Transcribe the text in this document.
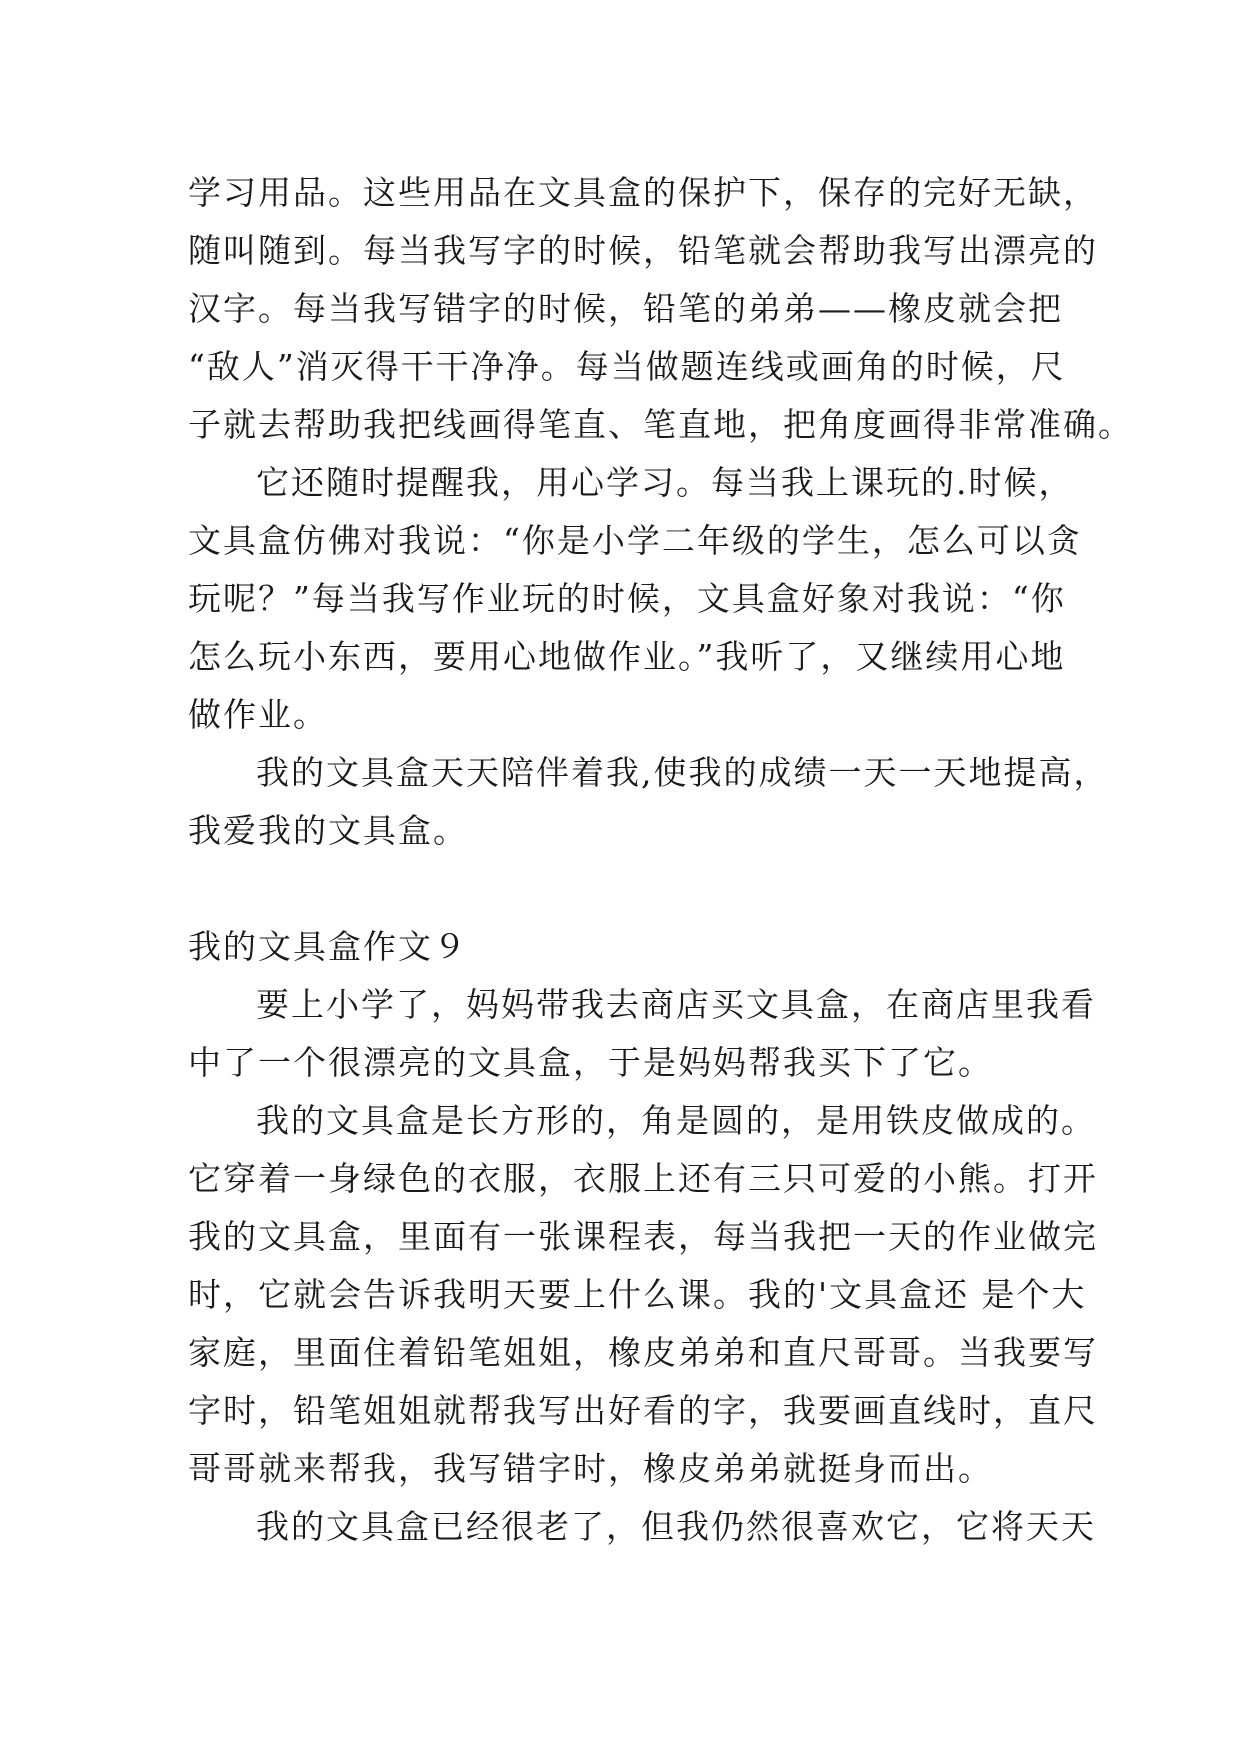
学习用品。这些用品在文具盒的保护下，保存的完好无缺，
随叫随到。每当我写字的时候，铅笔就会帮助我写出漂亮的
汉字。每当我写错字的时候，铅笔的弟弟——橡皮就会把
“敌人”消灭得干干净净。每当做题连线或画角的时候，尺
子就去帮助我把线画得笔直、笔直地，把角度画得非常准确。
它还随时提醒我，用心学习。每当我上课玩的.时候，
文具盒仿佛对我说：“你是小学二年级的学生，怎么可以贪
玩呢？”每当我写作业玩的时候，文具盒好象对我说：“你
怎么玩小东西，要用心地做作业。”我听了，又继续用心地
做作业。
我的文具盒天天陪伴着我,使我的成绩一天一天地提高，
我爱我的文具盒。
我的文具盒作文９
要上小学了，妈妈带我去商店买文具盒，在商店里我看
中了一个很漂亮的文具盒，于是妈妈帮我买下了它。
我的文具盒是长方形的，角是圆的，是用铁皮做成的。
它穿着一身绿色的衣服，衣服上还有三只可爱的小熊。打开
我的文具盒，里面有一张课程表，每当我把一天的作业做完
时，它就会告诉我明天要上什么课。我的'文具盒还 是个大
家庭，里面住着铅笔姐姐，橡皮弟弟和直尺哥哥。当我要写
字时，铅笔姐姐就帮我写出好看的字，我要画直线时，直尺
哥哥就来帮我，我写错字时，橡皮弟弟就挺身而出。
我的文具盒已经很老了，但我仍然很喜欢它，它将天天
